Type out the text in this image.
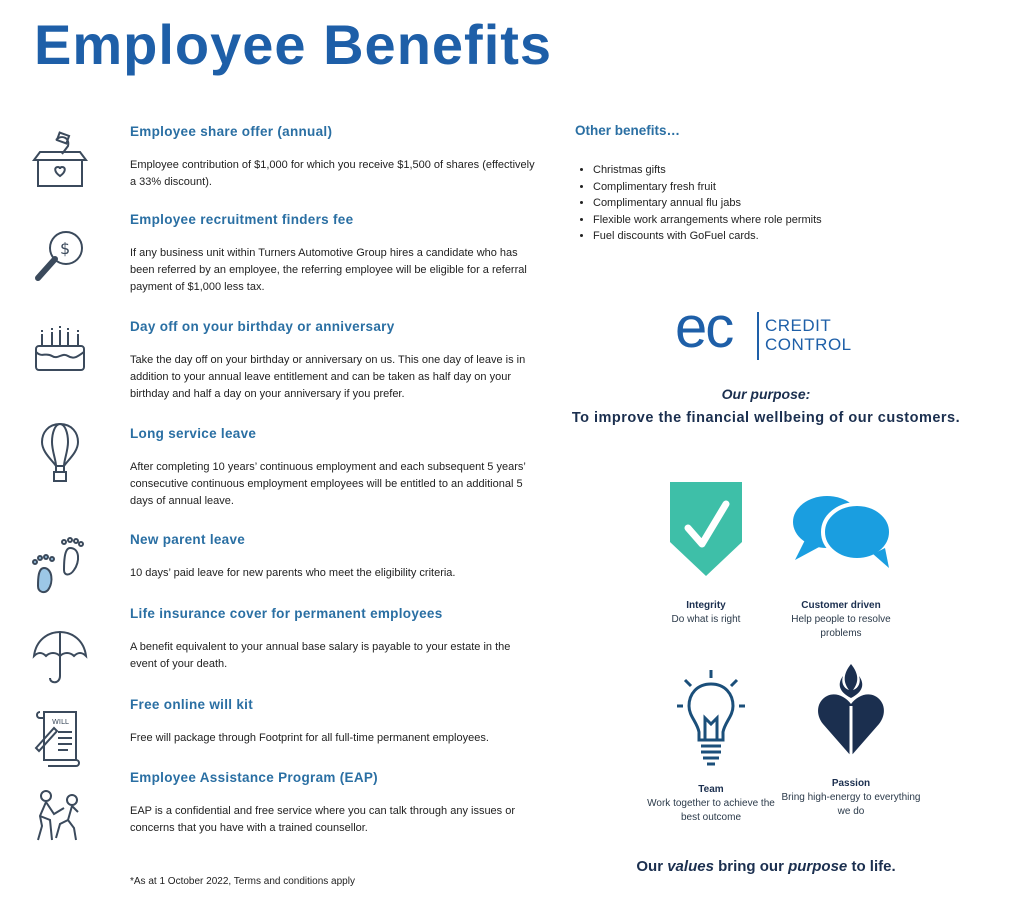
Employee Benefits
Employee share offer (annual)

Employee contribution of $1,000 for which you receive $1,500 of shares (effectively a 33% discount).

$
Employee recruitment finders fee

If any business unit within Turners Automotive Group hires a candidate who has been referred by an employee, the referring employee will be eligible for a referral payment of $1,000 less tax.

Day off on your birthday or anniversary

Take the day off on your birthday or anniversary on us. This one day of leave is in addition to your annual leave entitlement and can be taken as half day on your birthday and half a day on your anniversary if you prefer.

Long service leave

After completing 10 years’ continuous employment and each subsequent 5 years’ consecutive continuous employment employees will be entitled to an additional 5 days of annual leave.

New parent leave

10 days’ paid leave for new parents who meet the eligibility criteria.

Life insurance cover for permanent employees

A benefit equivalent to your annual base salary is payable to your estate in the event of your death.

WILL
Free online will kit

Free will package through Footprint for all full-time permanent employees.

Employee Assistance Program (EAP)

EAP is a confidential and free service where you can talk through any issues or concerns that you have with a trained counsellor.

*As at 1 October 2022, Terms and conditions apply

Other benefits…
• Christmas gifts
• Complimentary fresh fruit
• Complimentary annual flu jabs
• Flexible work arrangements where role permits
• Fuel discounts with GoFuel cards.
ec CREDIT
CONTROL

Our purpose:

To improve the financial wellbeing of our customers.

Integrity

Do what is right

Customer driven

Help people to resolve problems

Team

Work together to achieve the best outcome

Passion

Bring high-energy to everything we do

Our values bring our purpose to life.
